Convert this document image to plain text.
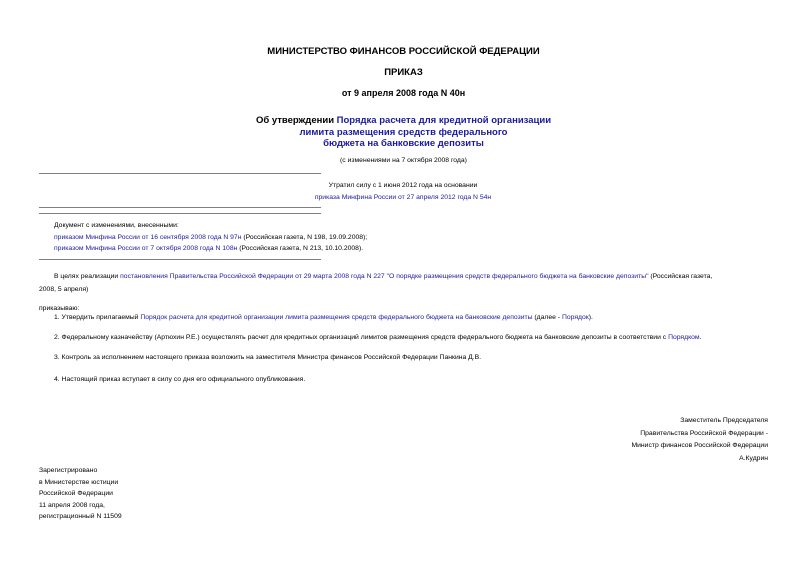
МИНИСТЕРСТВО ФИНАНСОВ РОССИЙСКОЙ ФЕДЕРАЦИИ
ПРИКАЗ
от 9 апреля 2008 года N 40н
Об утверждении Порядка расчета для кредитной организации
лимита размещения средств федерального
бюджета на банковские депозиты
(с изменениями на 7 октября 2008 года)
Утратил силу с 1 июня 2012 года на основании
приказа Минфина России от 27 апреля 2012 года N 54н
Документ с изменениями, внесенными:
приказом Минфина России от 16 сентября 2008 года N 97н (Российская газета, N 198, 19.09.2008);
приказом Минфина России от 7 октября 2008 года N 108н (Российская газета, N 213, 10.10.2008).
В целях реализации постановления Правительства Российской Федерации от 29 марта 2008 года N 227 "О порядке размещения средств федерального бюджета на банковские депозиты" (Российская газета,
2008, 5 апреля)
приказываю:
1. Утвердить прилагаемый Порядок расчета для кредитной организации лимита размещения средств федерального бюджета на банковские депозиты (далее - Порядок).
2. Федеральному казначейству (Артюхин Р.Е.) осуществлять расчет для кредитных организаций лимитов размещения средств федерального бюджета на банковские депозиты в соответствии с Порядком.
3. Контроль за исполнением настоящего приказа возложить на заместителя Министра финансов Российской Федерации Панкина Д.В.
4. Настоящий приказ вступает в силу со дня его официального опубликования.
Заместитель Председателя
Правительства Российской Федерации -
Министр финансов Российской Федерации
А.Кудрин
Зарегистрировано
в Министерстве юстиции
Российской Федерации
11 апреля 2008 года,
регистрационный N 11509
